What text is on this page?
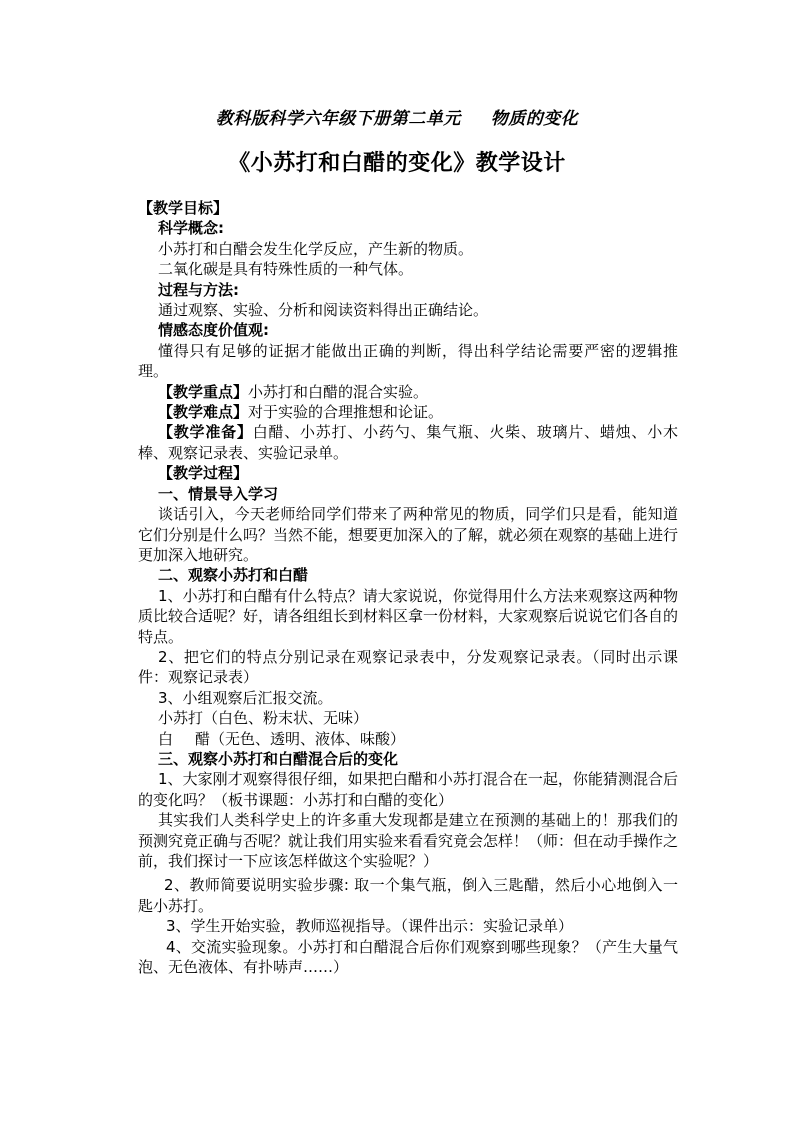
教科版科学六年级下册第二单元 物质的变化
《小苏打和白醋的变化》教学设计

【教学目标】

科学概念:

小苏打和白醋会发生化学反应，产生新的物质。

二氧化碳是具有特殊性质的一种气体。

过程与方法:

通过观察、实验、分析和阅读资料得出正确结论。

情感态度价值观:

懂得只有足够的证据才能做出正确的判断，得出科学结论需要严密的逻辑推理。

【教学重点】小苏打和白醋的混合实验。

【教学难点】对于实验的合理推想和论证。

【教学准备】白醋、小苏打、小药勺、集气瓶、火柴、玻璃片、蜡烛、小木棒、观察记录表、实验记录单。

【教学过程】

一、情景导入学习

谈话引入，今天老师给同学们带来了两种常见的物质，同学们只是看，能知道它们分别是什么吗？当然不能，想要更加深入的了解，就必须在观察的基础上进行更加深入地研究。

二、观察小苏打和白醋

1、小苏打和白醋有什么特点？请大家说说，你觉得用什么方法来观察这两种物质比较合适呢？好，请各组组长到材料区拿一份材料，大家观察后说说它们各自的特点。

2、把它们的特点分别记录在观察记录表中，分发观察记录表。（同时出示课件：观察记录表）

3、小组观察后汇报交流。

小苏打（白色、粉末状、无味）

白 醋（无色、透明、液体、味酸）

三、观察小苏打和白醋混合后的变化

1、大家刚才观察得很仔细，如果把白醋和小苏打混合在一起，你能猜测混合后的变化吗？（板书课题：小苏打和白醋的变化）

其实我们人类科学史上的许多重大发现都是建立在预测的基础上的！那我们的预测究竟正确与否呢？就让我们用实验来看看究竟会怎样！（师：但在动手操作之前，我们探讨一下应该怎样做这个实验呢？）

2、教师简要说明实验步骤: 取一个集气瓶，倒入三匙醋，然后小心地倒入一匙小苏打。

3、学生开始实验，教师巡视指导。（课件出示：实验记录单）

4、交流实验现象。小苏打和白醋混合后你们观察到哪些现象？（产生大量气泡、无色液体、有扑哧声……）
